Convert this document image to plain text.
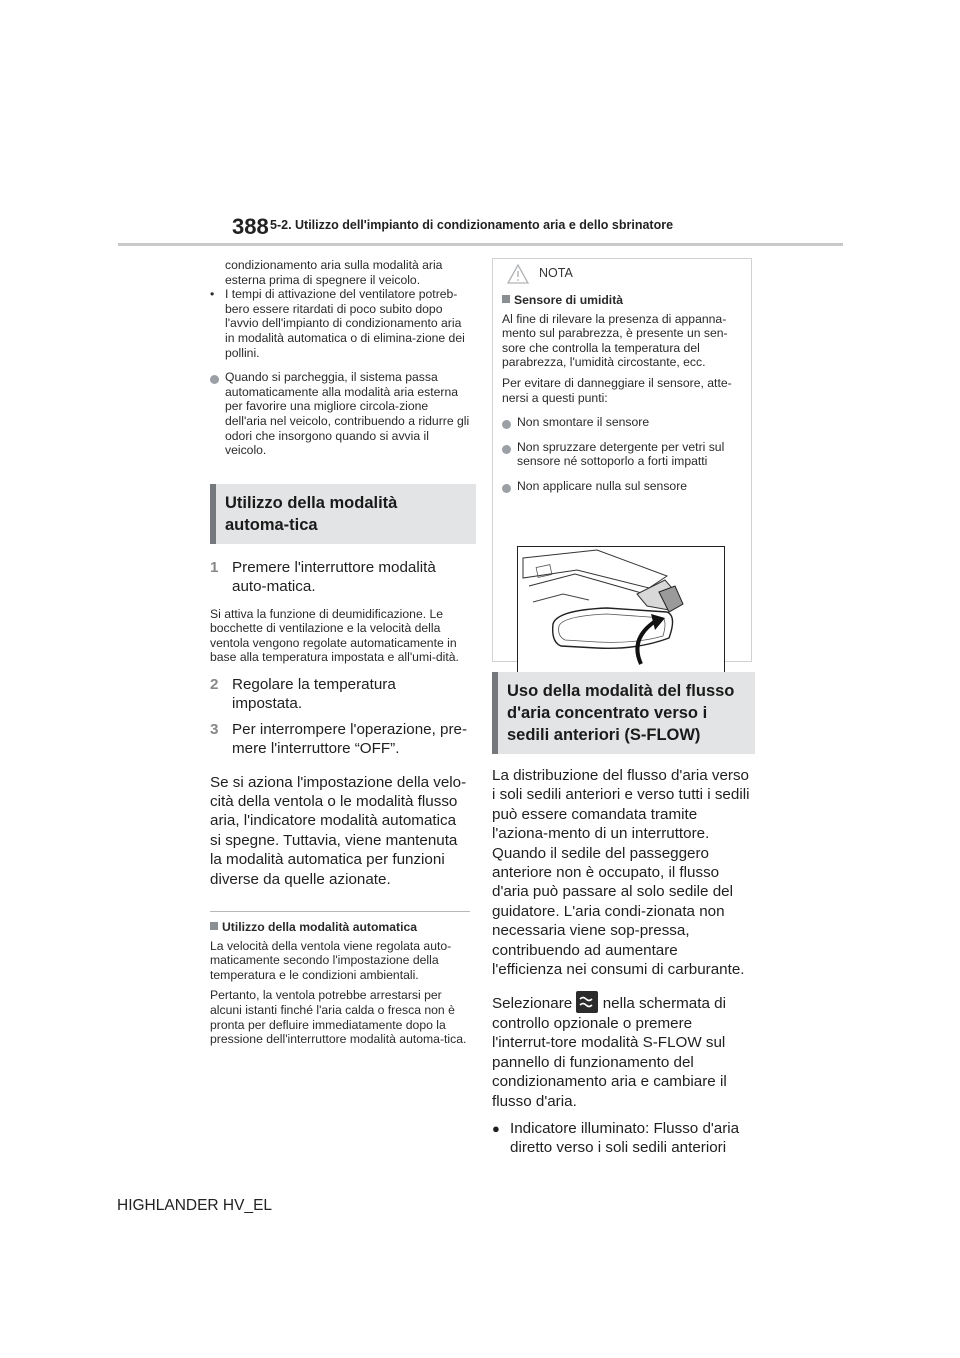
388 5-2. Utilizzo dell'impianto di condizionamento aria e dello sbrinatore
condizionamento aria sulla modalità aria esterna prima di spegnere il veicolo.
• I tempi di attivazione del ventilatore potreb-bero essere ritardati di poco subito dopo l'avvio dell'impianto di condizionamento aria in modalità automatica o di elimina-zione dei pollini.
Quando si parcheggia, il sistema passa automaticamente alla modalità aria esterna per favorire una migliore circola-zione dell'aria nel veicolo, contribuendo a ridurre gli odori che insorgono quando si avvia il veicolo.
Utilizzo della modalità automa-tica
1 Premere l'interruttore modalità auto-matica.
Si attiva la funzione di deumidificazione. Le bocchette di ventilazione e la velocità della ventola vengono regolate automaticamente in base alla temperatura impostata e all'umi-dità.
2 Regolare la temperatura impostata.
3 Per interrompere l'operazione, pre-mere l'interruttore “OFF”.
Se si aziona l'impostazione della velo-cità della ventola o le modalità flusso aria, l'indicatore modalità automatica si spegne. Tuttavia, viene mantenuta la modalità automatica per funzioni diverse da quelle azionate.
Utilizzo della modalità automatica
La velocità della ventola viene regolata auto-maticamente secondo l'impostazione della temperatura e le condizioni ambientali.
Pertanto, la ventola potrebbe arrestarsi per alcuni istanti finché l'aria calda o fresca non è pronta per defluire immediatamente dopo la pressione dell'interruttore modalità automa-tica.
NOTA
Sensore di umidità
Al fine di rilevare la presenza di appanna-mento sul parabrezza, è presente un sen-sore che controlla la temperatura del parabrezza, l'umidità circostante, ecc.
Per evitare di danneggiare il sensore, atte-nersi a questi punti:
Non smontare il sensore
Non spruzzare detergente per vetri sul sensore né sottoporlo a forti impatti
Non applicare nulla sul sensore
Uso della modalità del flusso d'aria concentrato verso i sedili anteriori (S-FLOW)
La distribuzione del flusso d'aria verso i soli sedili anteriori e verso tutti i sedili può essere comandata tramite l'aziona-mento di un interruttore. Quando il sedile del passeggero anteriore non è occupato, il flusso d'aria può passare al solo sedile del guidatore. L'aria condi-zionata non necessaria viene sop-pressa, contribuendo ad aumentare l'efficienza nei consumi di carburante.
Selezionare nella schermata di controllo opzionale o premere l'interrut-tore modalità S-FLOW sul pannello di funzionamento del condizionamento aria e cambiare il flusso d'aria.
● Indicatore illuminato: Flusso d'aria diretto verso i soli sedili anteriori
HIGHLANDER HV_EL
